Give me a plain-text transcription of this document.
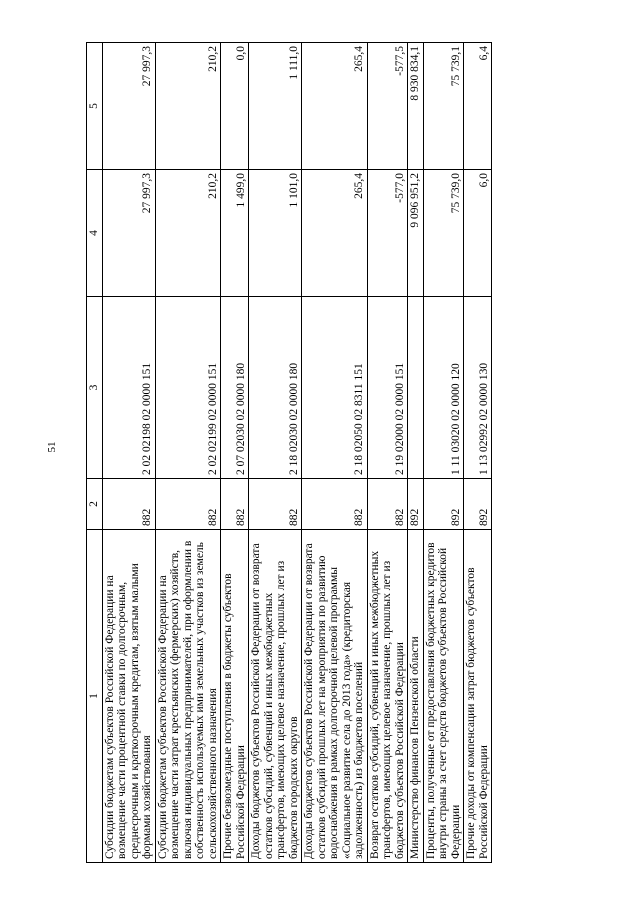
51
1	2	3	4	5
Субсидии бюджетам субъектов Российской Федерации на возмещение части процентной ставки по долгосрочным, среднесрочным и краткосрочным кредитам, взятым малыми формами хозяйствования	882	2 02 02198 02 0000 151	27 997,3	27 997,3
Субсидии бюджетам субъектов Российской Федерации на возмещение части затрат крестьянских (фермерских) хозяйств, включая индивидуальных предпринимателей, при оформлении в собственность используемых ими земельных участков из земель сельскохозяйственного назначения	882	2 02 02199 02 0000 151	210,2	210,2
Прочие безвозмездные поступления в бюджеты субъектов Российской Федерации	882	2 07 02030 02 0000 180	1 499,0	0,0
Доходы бюджетов субъектов Российской Федерации от возврата остатков субсидий, субвенций и иных межбюджетных трансфертов, имеющих целевое назначение, прошлых лет из бюджетов городских округов	882	2 18 02030 02 0000 180	1 101,0	1 111,0
Доходы бюджетов субъектов Российской Федерации от возврата остатков субсидий прошлых лет на мероприятия по развитию водоснабжения в рамках долгосрочной целевой программы «Социальное развитие села до 2013 года» (кредиторская задолженность) из бюджетов поселений	882	2 18 02050 02 8311 151	265,4	265,4
Возврат остатков субсидий, субвенций и иных межбюджетных трансфертов, имеющих целевое назначение, прошлых лет из бюджетов субъектов Российской Федерации	882	2 19 02000 02 0000 151	-577,0	-577,5
Министерство финансов Пензенской области	892		9 096 951,2	8 930 834,1
Проценты, полученные от предоставления бюджетных кредитов внутри страны за счет средств бюджетов субъектов Российской Федерации	892	1 11 03020 02 0000 120	75 739,0	75 739,1
Прочие доходы от компенсации затрат бюджетов субъектов Российской Федерации	892	1 13 02992 02 0000 130	6,0	6,4
